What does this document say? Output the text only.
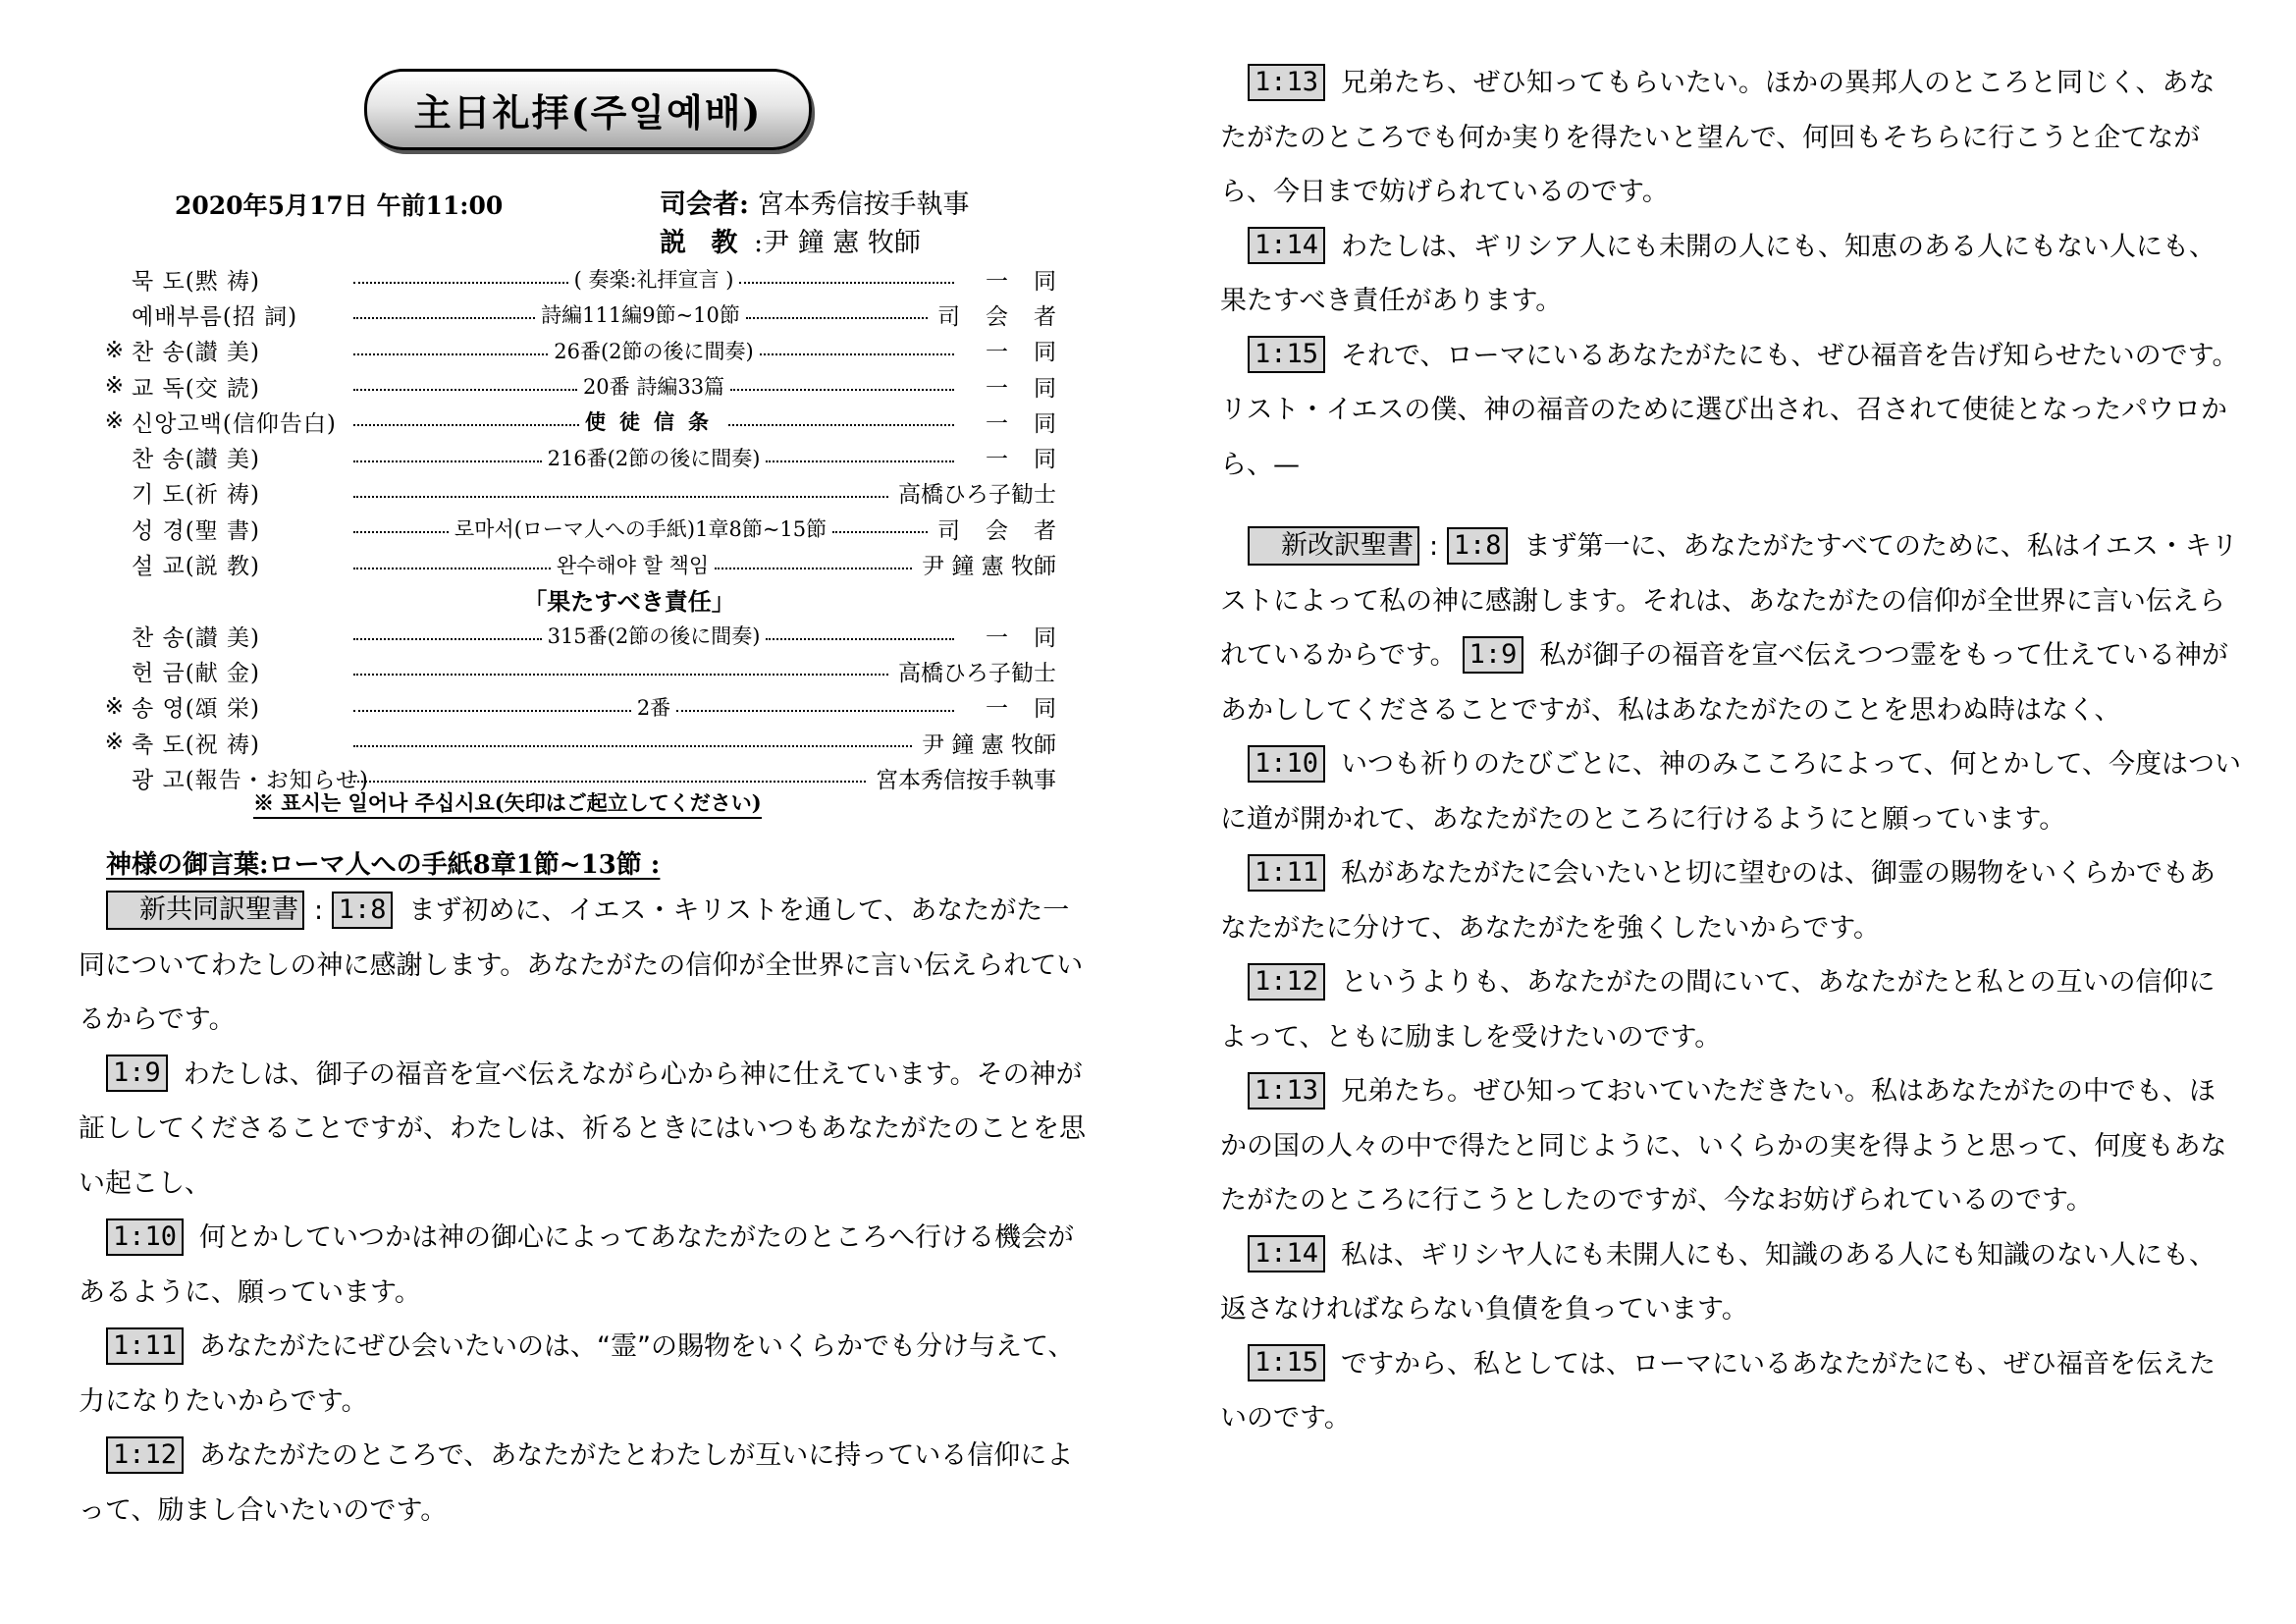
主日礼拝(주일예배)
2020年5月17日 午前11:00	司会者: 宮本秀信按手執事
説 教 :尹 鐘 憲 牧師
묵 도(黙 祷)	( 奏楽:礼拝宣言 )	一同
예배부름(招 詞)	詩編111編9節~10節	司会者
※ 찬 송(讃 美)	26番(2節の後に間奏)	一同
※ 교 독(交 読)	20番 詩編33篇	一同
※ 신앙고백(信仰告白)	使徒信条	一同
찬 송(讃 美)	216番(2節の後に間奏)	一同
기 도(祈 祷)	高橋ひろ子勧士
성 경(聖 書)	로마서(ローマ人への手紙)1章8節~15節	司会者
설 교(説 教)	완수해야 할 책임	尹 鐘 憲 牧師
「果たすべき責任」
찬 송(讃 美)	315番(2節の後に間奏)	一同
헌 금(献 金)	高橋ひろ子勧士
※ 송 영(頌 栄)	2番	一同
※ 축 도(祝 祷)	尹 鐘 憲 牧師
광 고(報告・お知らせ)	宮本秀信按手執事
※ 표시는 일어나 주십시요(矢印はご起立してください)
神様の御言葉:ローマ人への手紙8章1節~13節 :

新共同訳聖書 : 1:8 まず初めに、イエス・キリストを通して、あなたがた一同についてわたしの神に感謝します。あなたがたの信仰が全世界に言い伝えられているからです。

1:9 わたしは、御子の福音を宣べ伝えながら心から神に仕えています。その神が証ししてくださることですが、わたしは、祈るときにはいつもあなたがたのことを思い起こし、

1:10 何とかしていつかは神の御心によってあなたがたのところへ行ける機会があるように、願っています。

1:11 あなたがたにぜひ会いたいのは、“霊”の賜物をいくらかでも分け与えて、力になりたいからです。

1:12 あなたがたのところで、あなたがたとわたしが互いに持っている信仰によって、励まし合いたいのです。

1:13 兄弟たち、ぜひ知ってもらいたい。ほかの異邦人のところと同じく、あなたがたのところでも何か実りを得たいと望んで、何回もそちらに行こうと企てながら、今日まで妨げられているのです。

1:14 わたしは、ギリシア人にも未開の人にも、知恵のある人にもない人にも、果たすべき責任があります。

1:15 それで、ローマにいるあなたがたにも、ぜひ福音を告げ知らせたいのです。リスト・イエスの僕、神の福音のために選び出され、召されて使徒となったパウロから、—

新改訳聖書 : 1:8 まず第一に、あなたがたすべてのために、私はイエス・キリストによって私の神に感謝します。それは、あなたがたの信仰が全世界に言い伝えられているからです。 1:9 私が御子の福音を宣べ伝えつつ霊をもって仕えている神があかししてくださることですが、私はあなたがたのことを思わぬ時はなく、

1:10 いつも祈りのたびごとに、神のみこころによって、何とかして、今度はついに道が開かれて、あなたがたのところに行けるようにと願っています。

1:11 私があなたがたに会いたいと切に望むのは、御霊の賜物をいくらかでもあなたがたに分けて、あなたがたを強くしたいからです。

1:12 というよりも、あなたがたの間にいて、あなたがたと私との互いの信仰によって、ともに励ましを受けたいのです。

1:13 兄弟たち。ぜひ知っておいていただきたい。私はあなたがたの中でも、ほかの国の人々の中で得たと同じように、いくらかの実を得ようと思って、何度もあなたがたのところに行こうとしたのですが、今なお妨げられているのです。

1:14 私は、ギリシヤ人にも未開人にも、知識のある人にも知識のない人にも、返さなければならない負債を負っています。

1:15 ですから、私としては、ローマにいるあなたがたにも、ぜひ福音を伝えたいのです。
